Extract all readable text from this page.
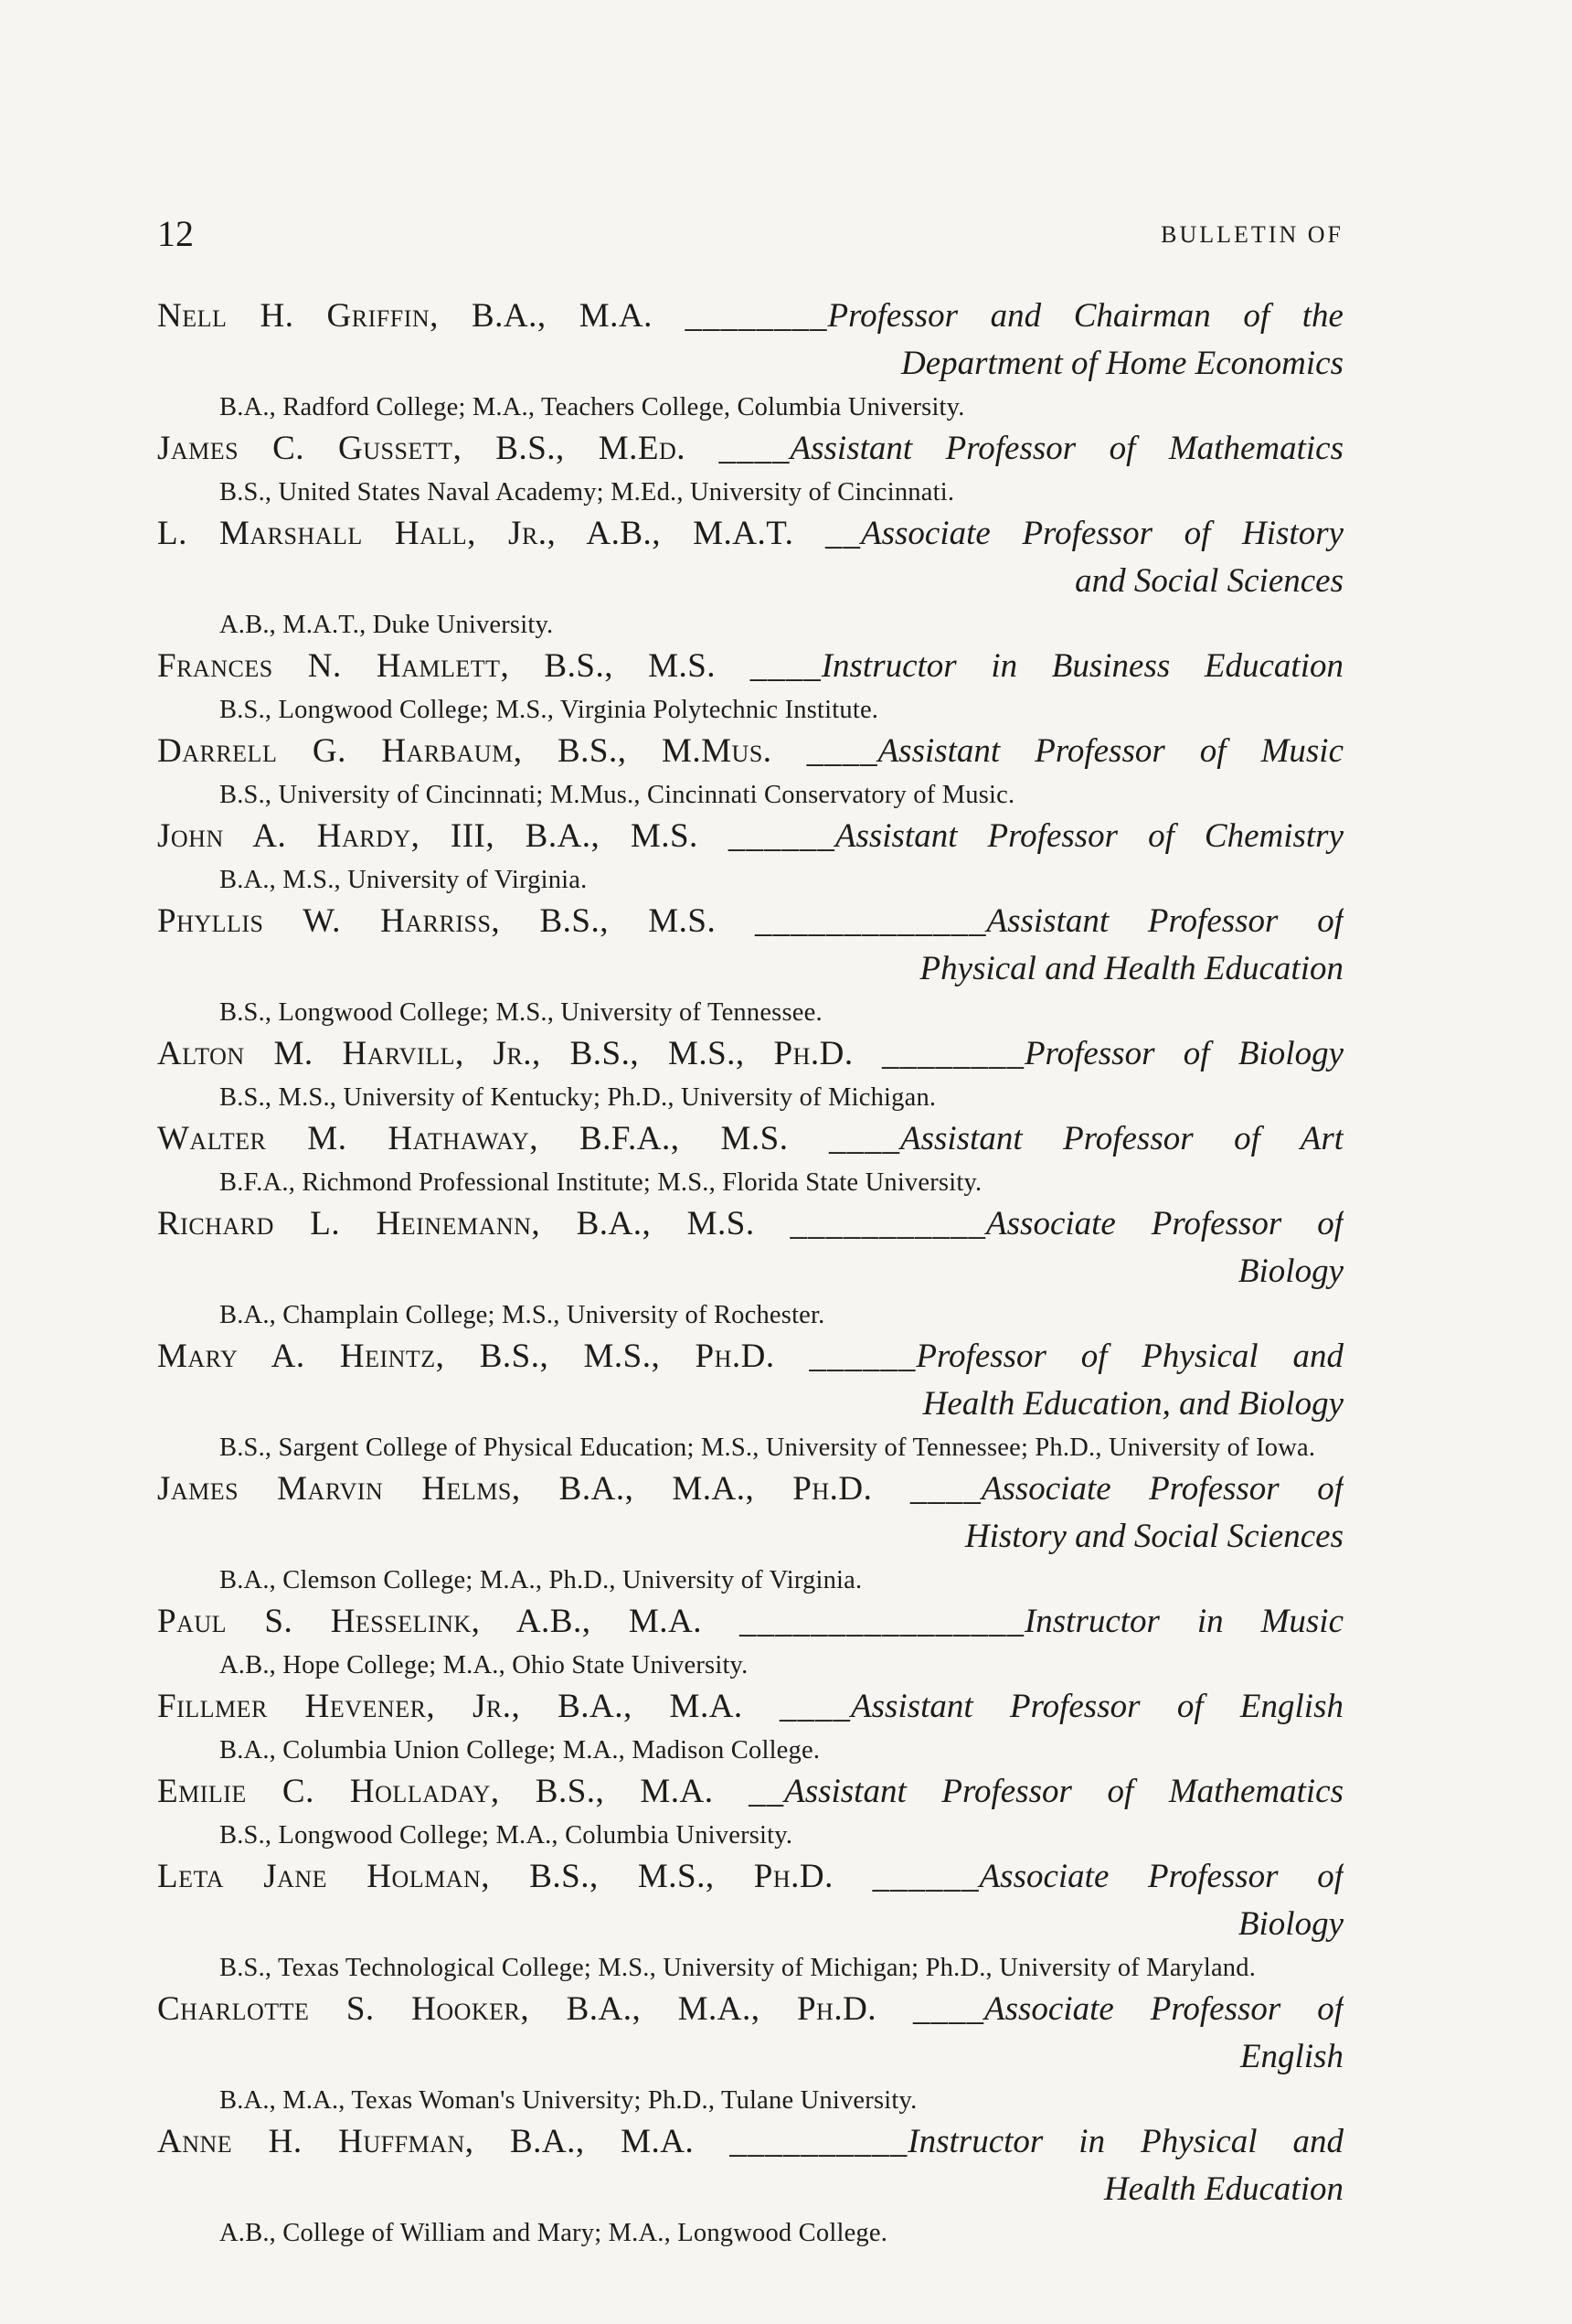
12	BULLETIN OF
Nell H. Griffin, B.A., M.A. ________Professor and Chairman of the
Department of Home Economics
B.A., Radford College; M.A., Teachers College, Columbia University.
James C. Gussett, B.S., M.Ed. ____Assistant Professor of Mathematics
B.S., United States Naval Academy; M.Ed., University of Cincinnati.
L. Marshall Hall, Jr., A.B., M.A.T. __Associate Professor of History
and Social Sciences
A.B., M.A.T., Duke University.
Frances N. Hamlett, B.S., M.S. ____Instructor in Business Education
B.S., Longwood College; M.S., Virginia Polytechnic Institute.
Darrell G. Harbaum, B.S., M.Mus. ____Assistant Professor of Music
B.S., University of Cincinnati; M.Mus., Cincinnati Conservatory of Music.
John A. Hardy, III, B.A., M.S. ______Assistant Professor of Chemistry
B.A., M.S., University of Virginia.
Phyllis W. Harriss, B.S., M.S. _____________Assistant Professor of
Physical and Health Education
B.S., Longwood College; M.S., University of Tennessee.
Alton M. Harvill, Jr., B.S., M.S., Ph.D. ________Professor of Biology
B.S., M.S., University of Kentucky; Ph.D., University of Michigan.
Walter M. Hathaway, B.F.A., M.S. ____Assistant Professor of Art
B.F.A., Richmond Professional Institute; M.S., Florida State University.
Richard L. Heinemann, B.A., M.S. ___________Associate Professor of
Biology
B.A., Champlain College; M.S., University of Rochester.
Mary A. Heintz, B.S., M.S., Ph.D. ______Professor of Physical and
Health Education, and Biology
B.S., Sargent College of Physical Education; M.S., University of Tennessee; Ph.D., University of Iowa.
James Marvin Helms, B.A., M.A., Ph.D. ____Associate Professor of
History and Social Sciences
B.A., Clemson College; M.A., Ph.D., University of Virginia.
Paul S. Hesselink, A.B., M.A. ________________Instructor in Music
A.B., Hope College; M.A., Ohio State University.
Fillmer Hevener, Jr., B.A., M.A. ____Assistant Professor of English
B.A., Columbia Union College; M.A., Madison College.
Emilie C. Holladay, B.S., M.A. __Assistant Professor of Mathematics
B.S., Longwood College; M.A., Columbia University.
Leta Jane Holman, B.S., M.S., Ph.D. ______Associate Professor of
Biology
B.S., Texas Technological College; M.S., University of Michigan; Ph.D., University of Maryland.
Charlotte S. Hooker, B.A., M.A., Ph.D. ____Associate Professor of
English
B.A., M.A., Texas Woman's University; Ph.D., Tulane University.
Anne H. Huffman, B.A., M.A. __________Instructor in Physical and
Health Education
A.B., College of William and Mary; M.A., Longwood College.
